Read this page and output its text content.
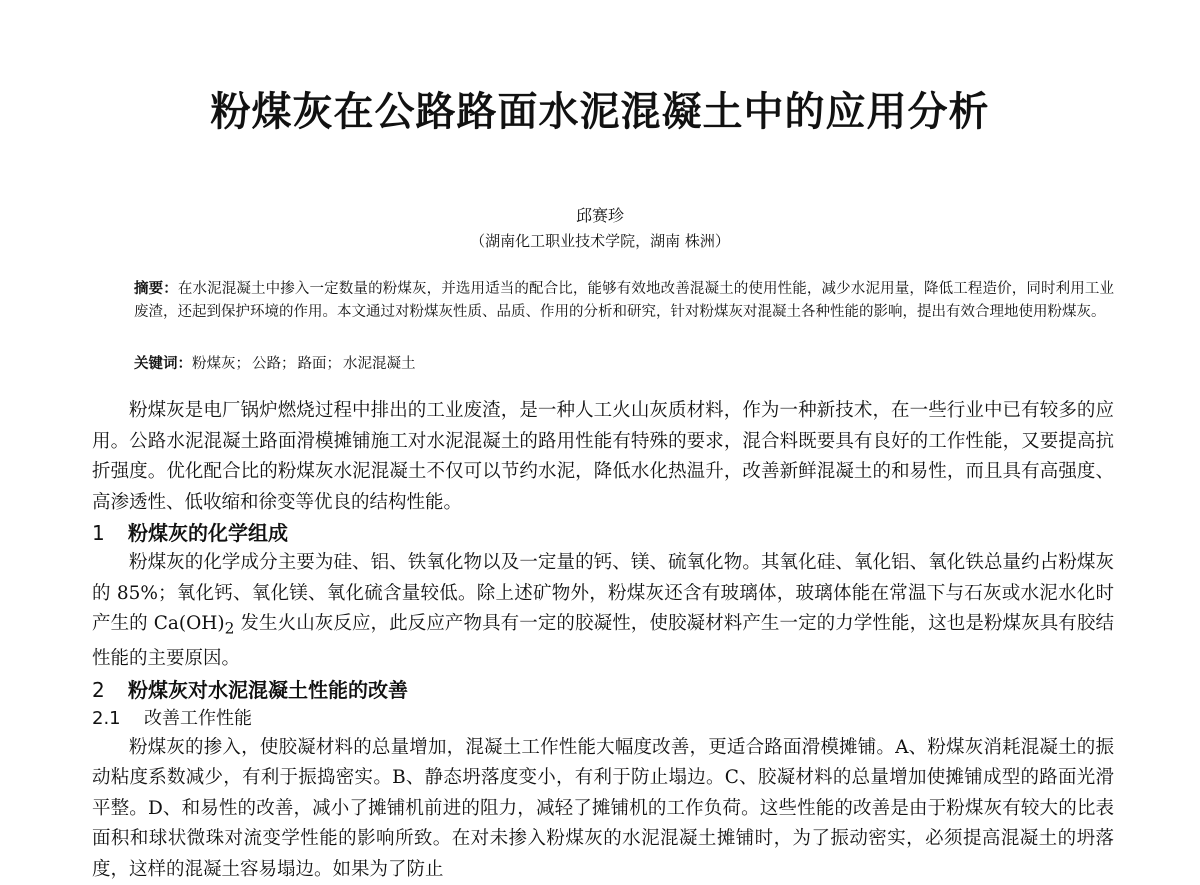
粉煤灰在公路路面水泥混凝土中的应用分析
邱赛珍
（湖南化工职业技术学院，湖南 株洲）
摘要：在水泥混凝土中掺入一定数量的粉煤灰，并选用适当的配合比，能够有效地改善混凝土的使用性能，减少水泥用量，降低工程造价，同时利用工业废渣，还起到保护环境的作用。本文通过对粉煤灰性质、品质、作用的分析和研究，针对粉煤灰对混凝土各种性能的影响，提出有效合理地使用粉煤灰。
关键词：粉煤灰； 公路； 路面； 水泥混凝土

粉煤灰是电厂锅炉燃烧过程中排出的工业废渣，是一种人工火山灰质材料，作为一种新技术，在一些行业中已有较多的应用。公路水泥混凝土路面滑模摊铺施工对水泥混凝土的路用性能有特殊的要求，混合料既要具有良好的工作性能，又要提高抗折强度。优化配合比的粉煤灰水泥混凝土不仅可以节约水泥，降低水化热温升，改善新鲜混凝土的和易性，而且具有高强度、高渗透性、低收缩和徐变等优良的结构性能。

1 粉煤灰的化学组成

粉煤灰的化学成分主要为硅、铝、铁氧化物以及一定量的钙、镁、硫氧化物。其氧化硅、氧化铝、氧化铁总量约占粉煤灰的 85%；氧化钙、氧化镁、氧化硫含量较低。除上述矿物外，粉煤灰还含有玻璃体，玻璃体能在常温下与石灰或水泥水化时产生的 $Ca(OH)_2$ 发生火山灰反应，此反应产物具有一定的胶凝性，使胶凝材料产生一定的力学性能，这也是粉煤灰具有胶结性能的主要原因。

2 粉煤灰对水泥混凝土性能的改善
2.1 改善工作性能

粉煤灰的掺入，使胶凝材料的总量增加，混凝土工作性能大幅度改善，更适合路面滑模摊铺。A、粉煤灰消耗混凝土的振动粘度系数减少，有利于振捣密实。B、静态坍落度变小，有利于防止塌边。C、胶凝材料的总量增加使摊铺成型的路面光滑平整。D、和易性的改善，减小了摊铺机前进的阻力，减轻了摊铺机的工作负荷。这些性能的改善是由于粉煤灰有较大的比表面积和球状微珠对流变学性能的影响所致。在对未掺入粉煤灰的水泥混凝土摊铺时，为了振动密实，必须提高混凝土的坍落度，这样的混凝土容易塌边。如果为了防止
